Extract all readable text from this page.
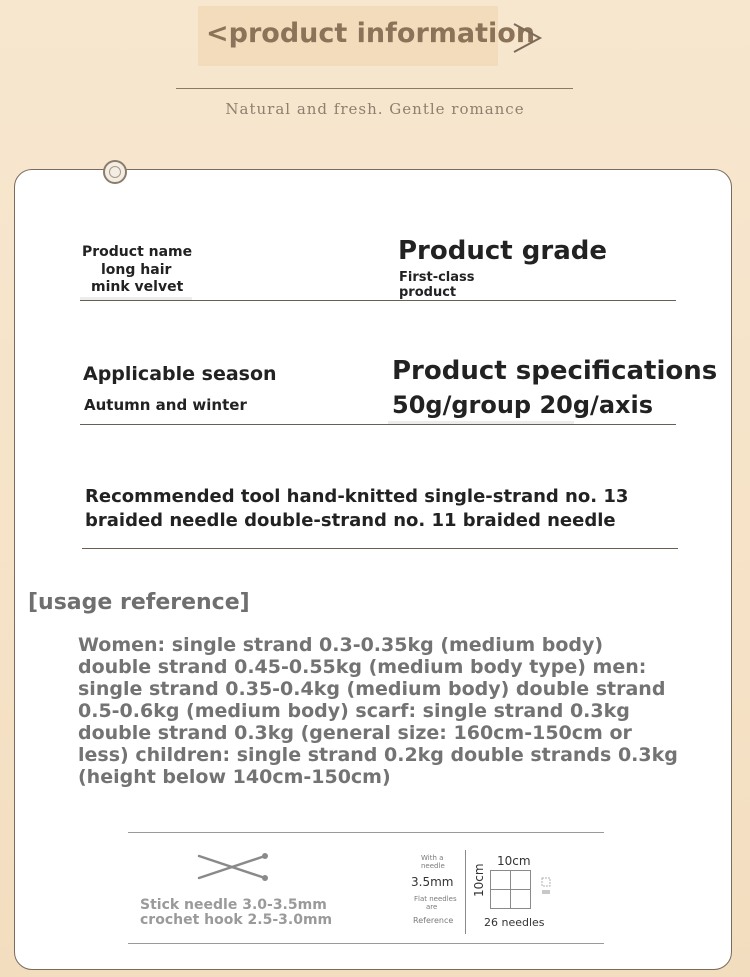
<product information
Natural and fresh. Gentle romance
Product name
long hair
mink velvet
Product grade
First-class
product
Applicable season
Autumn and winter
Product specifications
50g/group 20g/axis
Recommended tool hand-knitted single-strand no. 13
braided needle double-strand no. 11 braided needle
[usage reference]
Women: single strand 0.3-0.35kg (medium body) double strand 0.45-0.55kg (medium body type) men: single strand 0.35-0.4kg (medium body) double strand 0.5-0.6kg (medium body) scarf: single strand 0.3kg double strand 0.3kg (general size: 160cm-150cm or less) children: single strand 0.2kg double strands 0.3kg (height below 140cm-150cm)
Stick needle 3.0-3.5mm
crochet hook 2.5-3.0mm
With a
needle
3.5mm
Flat needles
are
Reference
10cm
10cm
26 needles
